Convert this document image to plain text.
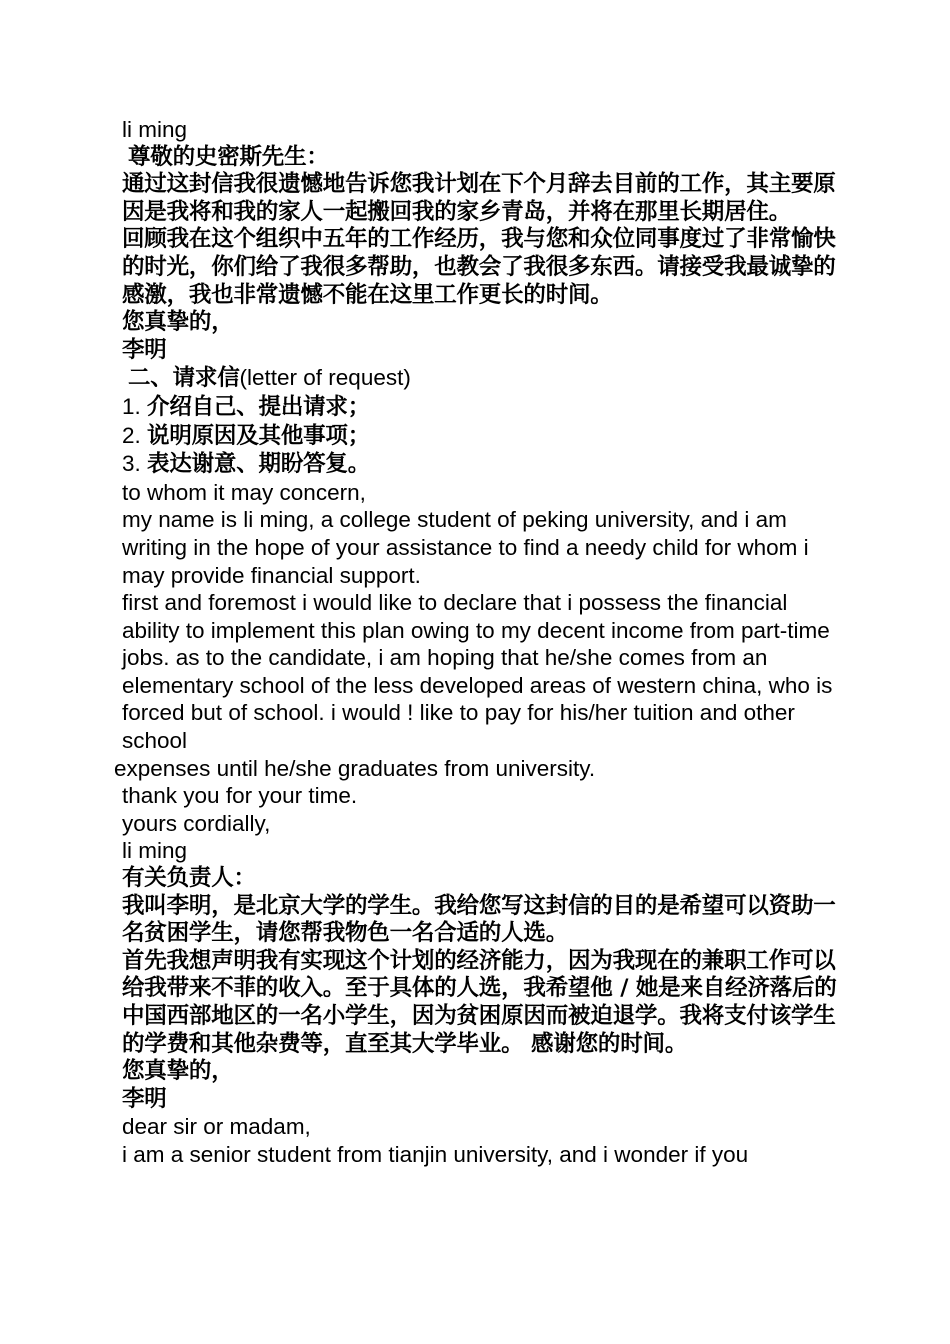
li ming

尊敬的史密斯先生：

通过这封信我很遗憾地告诉您我计划在下个月辞去目前的工作，其主要原因是我将和我的家人一起搬回我的家乡青岛，并将在那里长期居住。

回顾我在这个组织中五年的工作经历，我与您和众位同事度过了非常愉快的时光，你们给了我很多帮助，也教会了我很多东西。请接受我最诚挚的感激，我也非常遗憾不能在这里工作更长的时间。

您真挚的，

李明

二、请求信(letter of request)

1. 介绍自己、提出请求；

2. 说明原因及其他事项；

3. 表达谢意、期盼答复。

to whom it may concern,

my name is li ming, a college student of peking university, and i am writing in the hope of your assistance to find a needy child for whom i may provide financial support.

first and foremost i would like to declare that i possess the financial ability to implement this plan owing to my decent income from part-time jobs. as to the candidate, i am hoping that he/she comes from an elementary school of the less developed areas of western china, who is forced but of school. i would ! like to pay for his/her tuition and other school

expenses until he/she graduates from university.

thank you for your time.

yours cordially,

li ming

有关负责人：

我叫李明，是北京大学的学生。我给您写这封信的目的是希望可以资助一名贫困学生，请您帮我物色一名合适的人选。

首先我想声明我有实现这个计划的经济能力，因为我现在的兼职工作可以给我带来不菲的收入。至于具体的人选，我希望他 / 她是来自经济落后的中国西部地区的一名小学生，因为贫困原因而被迫退学。我将支付该学生的学费和其他杂费等，直至其大学毕业。 感谢您的时间。

您真挚的，

李明

dear sir or madam,

i am a senior student from tianjin university, and i wonder if you
